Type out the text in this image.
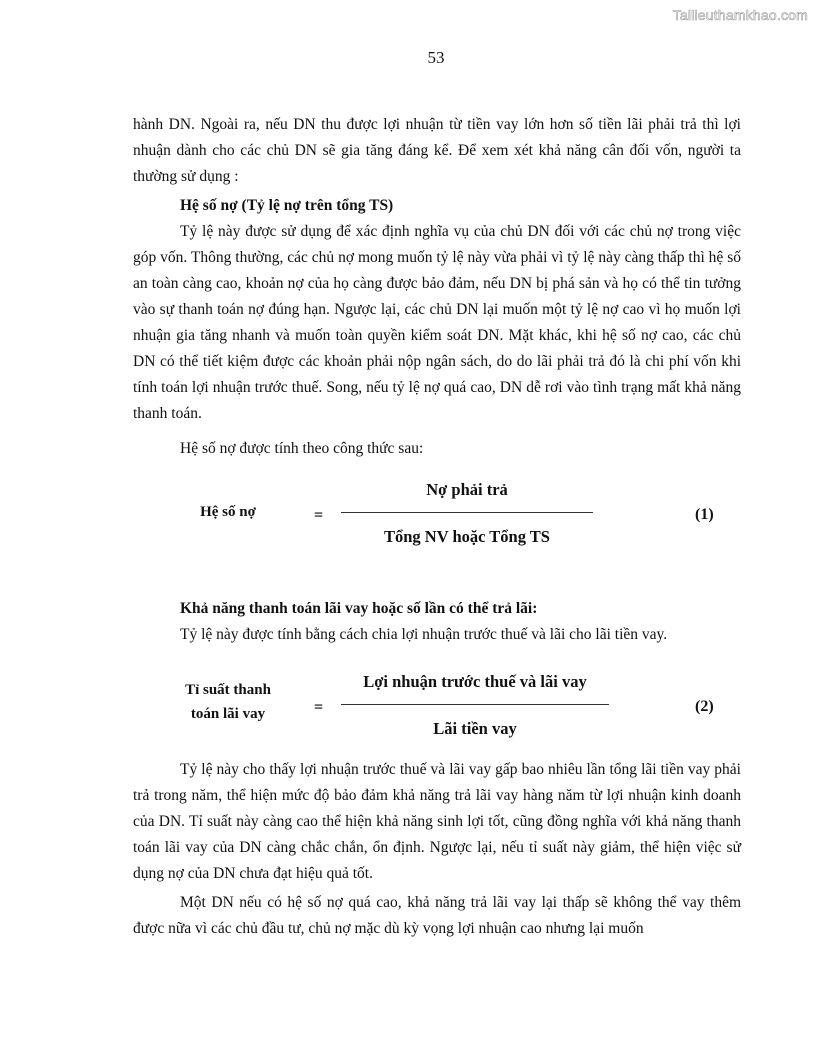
Tailieuthamkhao.com
53

hành DN. Ngoài ra, nếu DN thu được lợi nhuận từ tiền vay lớn hơn số tiền lãi phải trả thì lợi nhuận dành cho các chủ DN sẽ gia tăng đáng kể. Để xem xét khả năng cân đối vốn, người ta thường sử dụng :

Hệ số nợ (Tỷ lệ nợ trên tổng TS)

Tỷ lệ này được sử dụng để xác định nghĩa vụ của chủ DN đối với các chủ nợ trong việc góp vốn. Thông thường, các chủ nợ mong muốn tỷ lệ này vừa phải vì tỷ lệ này càng thấp thì hệ số an toàn càng cao, khoản nợ của họ càng được bảo đảm, nếu DN bị phá sản và họ có thể tin tưởng vào sự thanh toán nợ đúng hạn. Ngược lại, các chủ DN lại muốn một tỷ lệ nợ cao vì họ muốn lợi nhuận gia tăng nhanh và muốn toàn quyền kiểm soát DN. Mặt khác, khi hệ số nợ cao, các chủ DN có thể tiết kiệm được các khoản phải nộp ngân sách, do do lãi phải trả đó là chi phí vốn khi tính toán lợi nhuận trước thuế. Song, nếu tỷ lệ nợ quá cao, DN dễ rơi vào tình trạng mất khả năng thanh toán.

Hệ số nợ được tính theo công thức sau:

Hệ số nợ	=
Nợ phải trả
Tổng NV hoặc Tổng TS
(1)

Khả năng thanh toán lãi vay hoặc số lần có thể trả lãi:

Tỷ lệ này được tính bằng cách chia lợi nhuận trước thuế và lãi cho lãi tiền vay.

Tỉ suất thanh toán lãi vay	=
Lợi nhuận trước thuế và lãi vay
Lãi tiền vay
(2)

Tỷ lệ này cho thấy lợi nhuận trước thuế và lãi vay gấp bao nhiêu lần tổng lãi tiền vay phải trả trong năm, thể hiện mức độ bảo đảm khả năng trả lãi vay hàng năm từ lợi nhuận kinh doanh của DN. Tỉ suất này càng cao thể hiện khả năng sinh lợi tốt, cũng đồng nghĩa với khả năng thanh toán lãi vay của DN càng chắc chắn, ổn định. Ngược lại, nếu tỉ suất này giảm, thể hiện việc sử dụng nợ của DN chưa đạt hiệu quả tốt.

Một DN nếu có hệ số nợ quá cao, khả năng trả lãi vay lại thấp sẽ không thể vay thêm được nữa vì các chủ đầu tư, chủ nợ mặc dù kỳ vọng lợi nhuận cao nhưng lại muốn
